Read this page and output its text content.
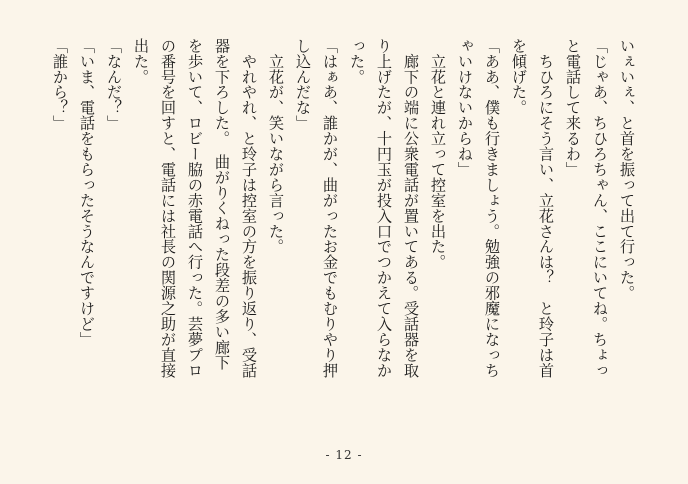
いぇいぇ、と首を振って出て行った。

「じゃあ、ちひろちゃん、ここにいてね。ちょっ

と電話して来るわ」

　ちひろにそう言い、立花さんは？　と玲子は首

を傾げた。

「ああ、僕も行きましょう。勉強の邪魔になっち

ゃいけないからね」

　立花と連れ立って控室を出た。

　廊下の端に公衆電話が置いてある。受話器を取

り上げたが、十円玉が投入口でつかえて入らなか

った。

「はぁあ、誰かが、曲がったお金でもむりやり押

し込んだな」

　立花が、笑いながら言った。

　やれやれ、と玲子は控室の方を振り返り、受話

器を下ろした。　曲がりくねった段差の多い廊下

を歩いて、ロビー脇の赤電話へ行った。芸夢プロ

の番号を回すと、電話には社長の関源之助が直接

出た。

「なんだ？」

「いま、電話をもらったそうなんですけど」

「誰から？」

- 12 -
